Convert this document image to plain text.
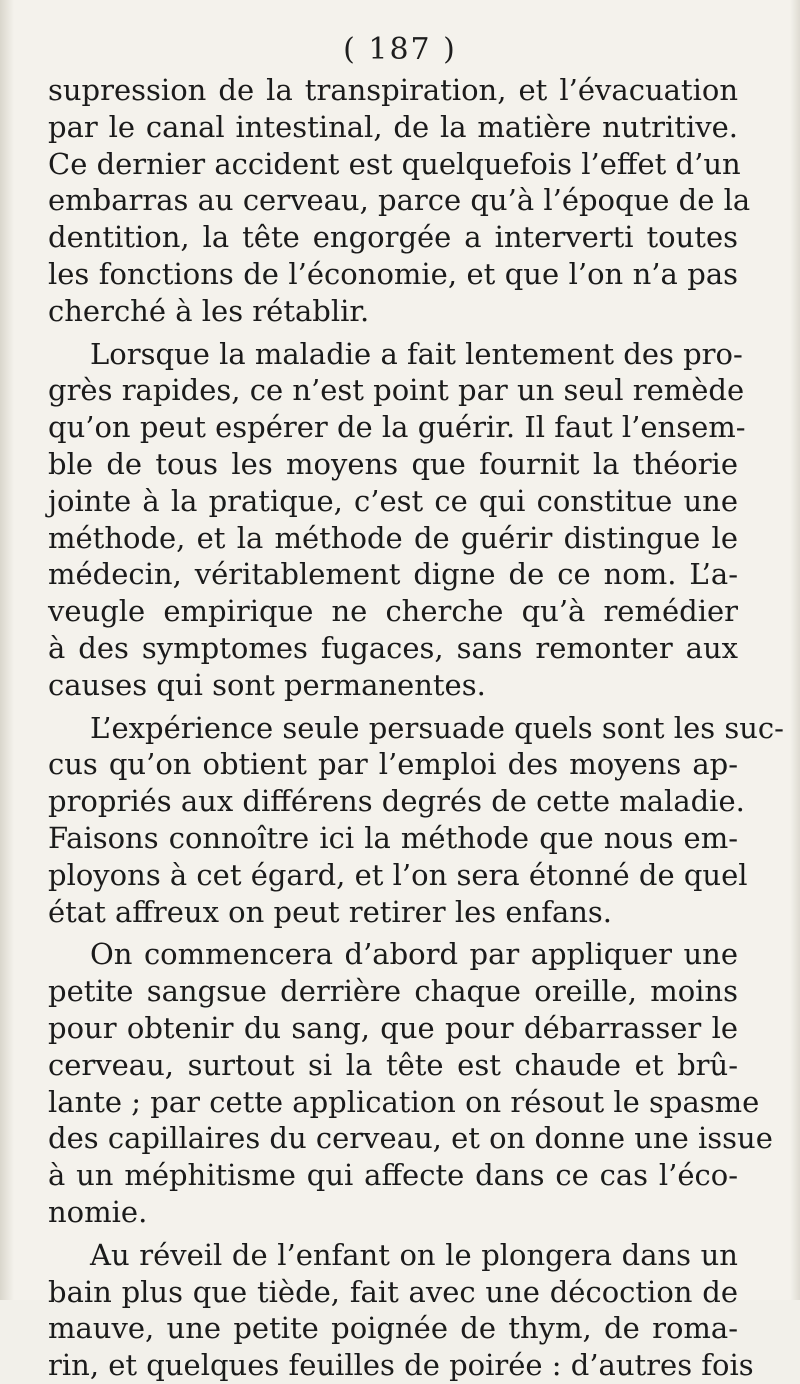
( 187 )
supression de la transpiration, et l’évacuation
par le canal intestinal, de la matière nutritive.
Ce dernier accident est quelquefois l’effet d’un
embarras au cerveau, parce qu’à l’époque de la
dentition, la tête engorgée a interverti toutes
les fonctions de l’économie, et que l’on n’a pas
cherché à les rétablir.
Lorsque la maladie a fait lentement des pro-
grès rapides, ce n’est point par un seul remède
qu’on peut espérer de la guérir. Il faut l’ensem-
ble de tous les moyens que fournit la théorie
jointe à la pratique, c’est ce qui constitue une
méthode, et la méthode de guérir distingue le
médecin, véritablement digne de ce nom. L’a-
veugle empirique ne cherche qu’à remédier
à des symptomes fugaces, sans remonter aux
causes qui sont permanentes.
L’expérience seule persuade quels sont les suc-
cus qu’on obtient par l’emploi des moyens ap-
propriés aux différens degrés de cette maladie.
Faisons connoître ici la méthode que nous em-
ployons à cet égard, et l’on sera étonné de quel
état affreux on peut retirer les enfans.
On commencera d’abord par appliquer une
petite sangsue derrière chaque oreille, moins
pour obtenir du sang, que pour débarrasser le
cerveau, surtout si la tête est chaude et brû-
lante ; par cette application on résout le spasme
des capillaires du cerveau, et on donne une issue
à un méphitisme qui affecte dans ce cas l’éco-
nomie.
Au réveil de l’enfant on le plongera dans un
bain plus que tiède, fait avec une décoction de
mauve, une petite poignée de thym, de roma-
rin, et quelques feuilles de poirée : d’autres fois
